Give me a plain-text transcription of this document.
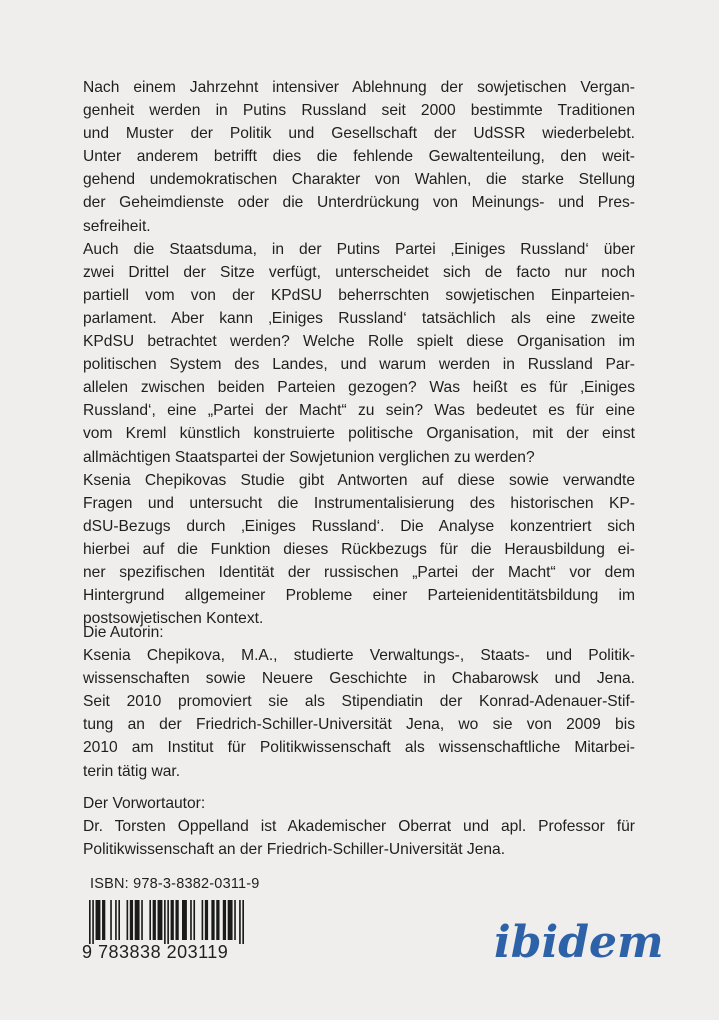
Nach einem Jahrzehnt intensiver Ablehnung der sowjetischen Vergan-
genheit werden in Putins Russland seit 2000 bestimmte Traditionen
und Muster der Politik und Gesellschaft der UdSSR wiederbelebt.
Unter anderem betrifft dies die fehlende Gewaltenteilung, den weit-
gehend undemokratischen Charakter von Wahlen, die starke Stellung
der Geheimdienste oder die Unterdrückung von Meinungs- und Pres-
sefreiheit.
Auch die Staatsduma, in der Putins Partei ‚Einiges Russland‘ über
zwei Drittel der Sitze verfügt, unterscheidet sich de facto nur noch
partiell vom von der KPdSU beherrschten sowjetischen Einparteien-
parlament. Aber kann ‚Einiges Russland‘ tatsächlich als eine zweite
KPdSU betrachtet werden? Welche Rolle spielt diese Organisation im
politischen System des Landes, und warum werden in Russland Par-
allelen zwischen beiden Parteien gezogen? Was heißt es für ‚Einiges
Russland‘, eine „Partei der Macht“ zu sein? Was bedeutet es für eine
vom Kreml künstlich konstruierte politische Organisation, mit der einst
allmächtigen Staatspartei der Sowjetunion verglichen zu werden?
Ksenia Chepikovas Studie gibt Antworten auf diese sowie verwandte
Fragen und untersucht die Instrumentalisierung des historischen KP-
dSU-Bezugs durch ‚Einiges Russland‘. Die Analyse konzentriert sich
hierbei auf die Funktion dieses Rückbezugs für die Herausbildung ei-
ner spezifischen Identität der russischen „Partei der Macht“ vor dem
Hintergrund allgemeiner Probleme einer Parteienidentitätsbildung im
postsowjetischen Kontext.

Die Autorin:

Ksenia Chepikova, M.A., studierte Verwaltungs-, Staats- und Politik-
wissenschaften sowie Neuere Geschichte in Chabarowsk und Jena.
Seit 2010 promoviert sie als Stipendiatin der Konrad-Adenauer-Stif-
tung an der Friedrich-Schiller-Universität Jena, wo sie von 2009 bis
2010 am Institut für Politikwissenschaft als wissenschaftliche Mitarbei-
terin tätig war.

Der Vorwortautor:

Dr. Torsten Oppelland ist Akademischer Oberrat und apl. Professor für
Politikwissenschaft an der Friedrich-Schiller-Universität Jena.
ISBN: 978-3-8382-0311-9
9 783838 203119	ibidem
